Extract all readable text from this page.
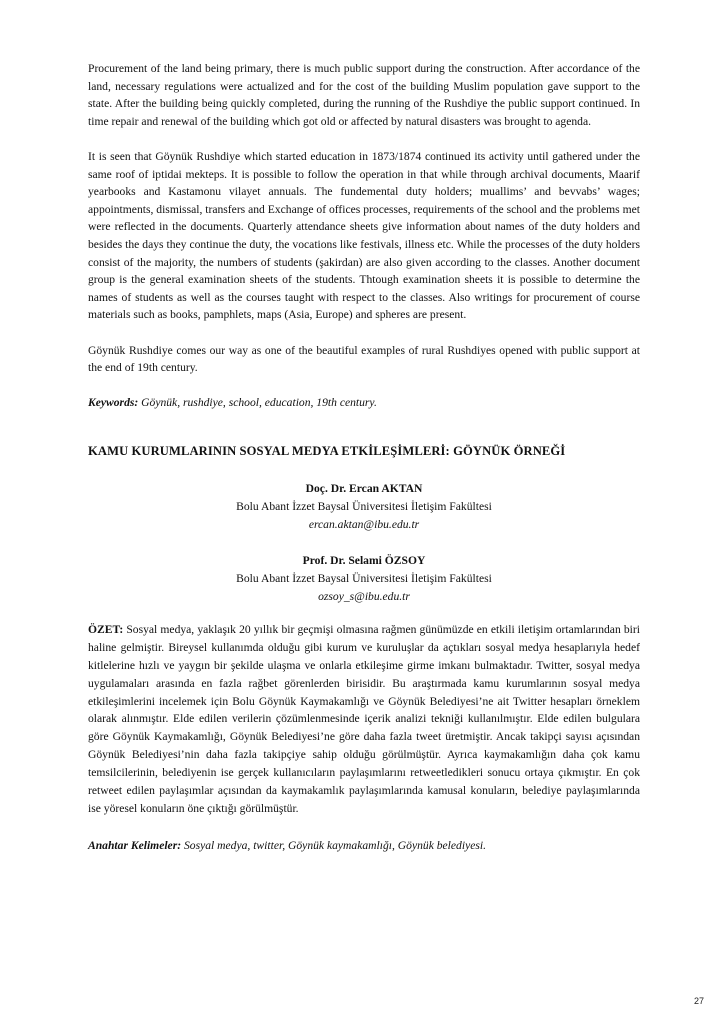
Procurement of the land being primary, there is much public support during the construction. After accordance of the land, necessary regulations were actualized and for the cost of the building Muslim population gave support to the state. After the building being quickly completed, during the running of the Rushdiye the public support continued. In time repair and renewal of the building which got old or affected by natural disasters was brought to agenda.

It is seen that Göynük Rushdiye which started education in 1873/1874 continued its activity until gathered under the same roof of iptidai mekteps. It is possible to follow the operation in that while through archival documents, Maarif yearbooks and Kastamonu vilayet annuals. The fundemental duty holders; muallims’ and bevvabs’ wages; appointments, dismissal, transfers and Exchange of offices processes, requirements of the school and the problems met were reflected in the documents. Quarterly attendance sheets give information about names of the duty holders and besides the days they continue the duty, the vocations like festivals, illness etc. While the processes of the duty holders consist of the majority, the numbers of students (şakirdan) are also given according to the classes. Another document group is the general examination sheets of the students. Thtough examination sheets it is possible to determine the names of students as well as the courses taught with respect to the classes. Also writings for procurement of course materials such as books, pamphlets, maps (Asia, Europe) and spheres are present.

Göynük Rushdiye comes our way as one of the beautiful examples of rural Rushdiyes opened with public support at the end of 19th century.

Keywords: Göynük, rushdiye, school, education, 19th century.
KAMU KURUMLARININ SOSYAL MEDYA ETKİLEŞİMLERİ: GÖYNÜK ÖRNEĞİ
Doç. Dr. Ercan AKTAN
Bolu Abant İzzet Baysal Üniversitesi İletişim Fakültesi
ercan.aktan@ibu.edu.tr
Prof. Dr. Selami ÖZSOY
Bolu Abant İzzet Baysal Üniversitesi İletişim Fakültesi
ozsoy_s@ibu.edu.tr

ÖZET: Sosyal medya, yaklaşık 20 yıllık bir geçmişi olmasına rağmen günümüzde en etkili iletişim ortamlarından biri haline gelmiştir. Bireysel kullanımda olduğu gibi kurum ve kuruluşlar da açtıkları sosyal medya hesaplarıyla hedef kitlelerine hızlı ve yaygın bir şekilde ulaşma ve onlarla etkileşime girme imkanı bulmaktadır. Twitter, sosyal medya uygulamaları arasında en fazla rağbet görenlerden birisidir. Bu araştırmada kamu kurumlarının sosyal medya etkileşimlerini incelemek için Bolu Göynük Kaymakamlığı ve Göynük Belediyesi’ne ait Twitter hesapları örneklem olarak alınmıştır. Elde edilen verilerin çözümlenmesinde içerik analizi tekniği kullanılmıştır. Elde edilen bulgulara göre Göynük Kaymakamlığı, Göynük Belediyesi’ne göre daha fazla tweet üretmiştir. Ancak takipçi sayısı açısından Göynük Belediyesi’nin daha fazla takipçiye sahip olduğu görülmüştür. Ayrıca kaymakamlığın daha çok kamu temsilcilerinin, belediyenin ise gerçek kullanıcıların paylaşımlarını retweetledikleri sonucu ortaya çıkmıştır. En çok retweet edilen paylaşımlar açısından da kaymakamlık paylaşımlarında kamusal konuların, belediye paylaşımlarında ise yöresel konuların öne çıktığı görülmüştür.

Anahtar Kelimeler: Sosyal medya, twitter, Göynük kaymakamlığı, Göynük belediyesi.
27
